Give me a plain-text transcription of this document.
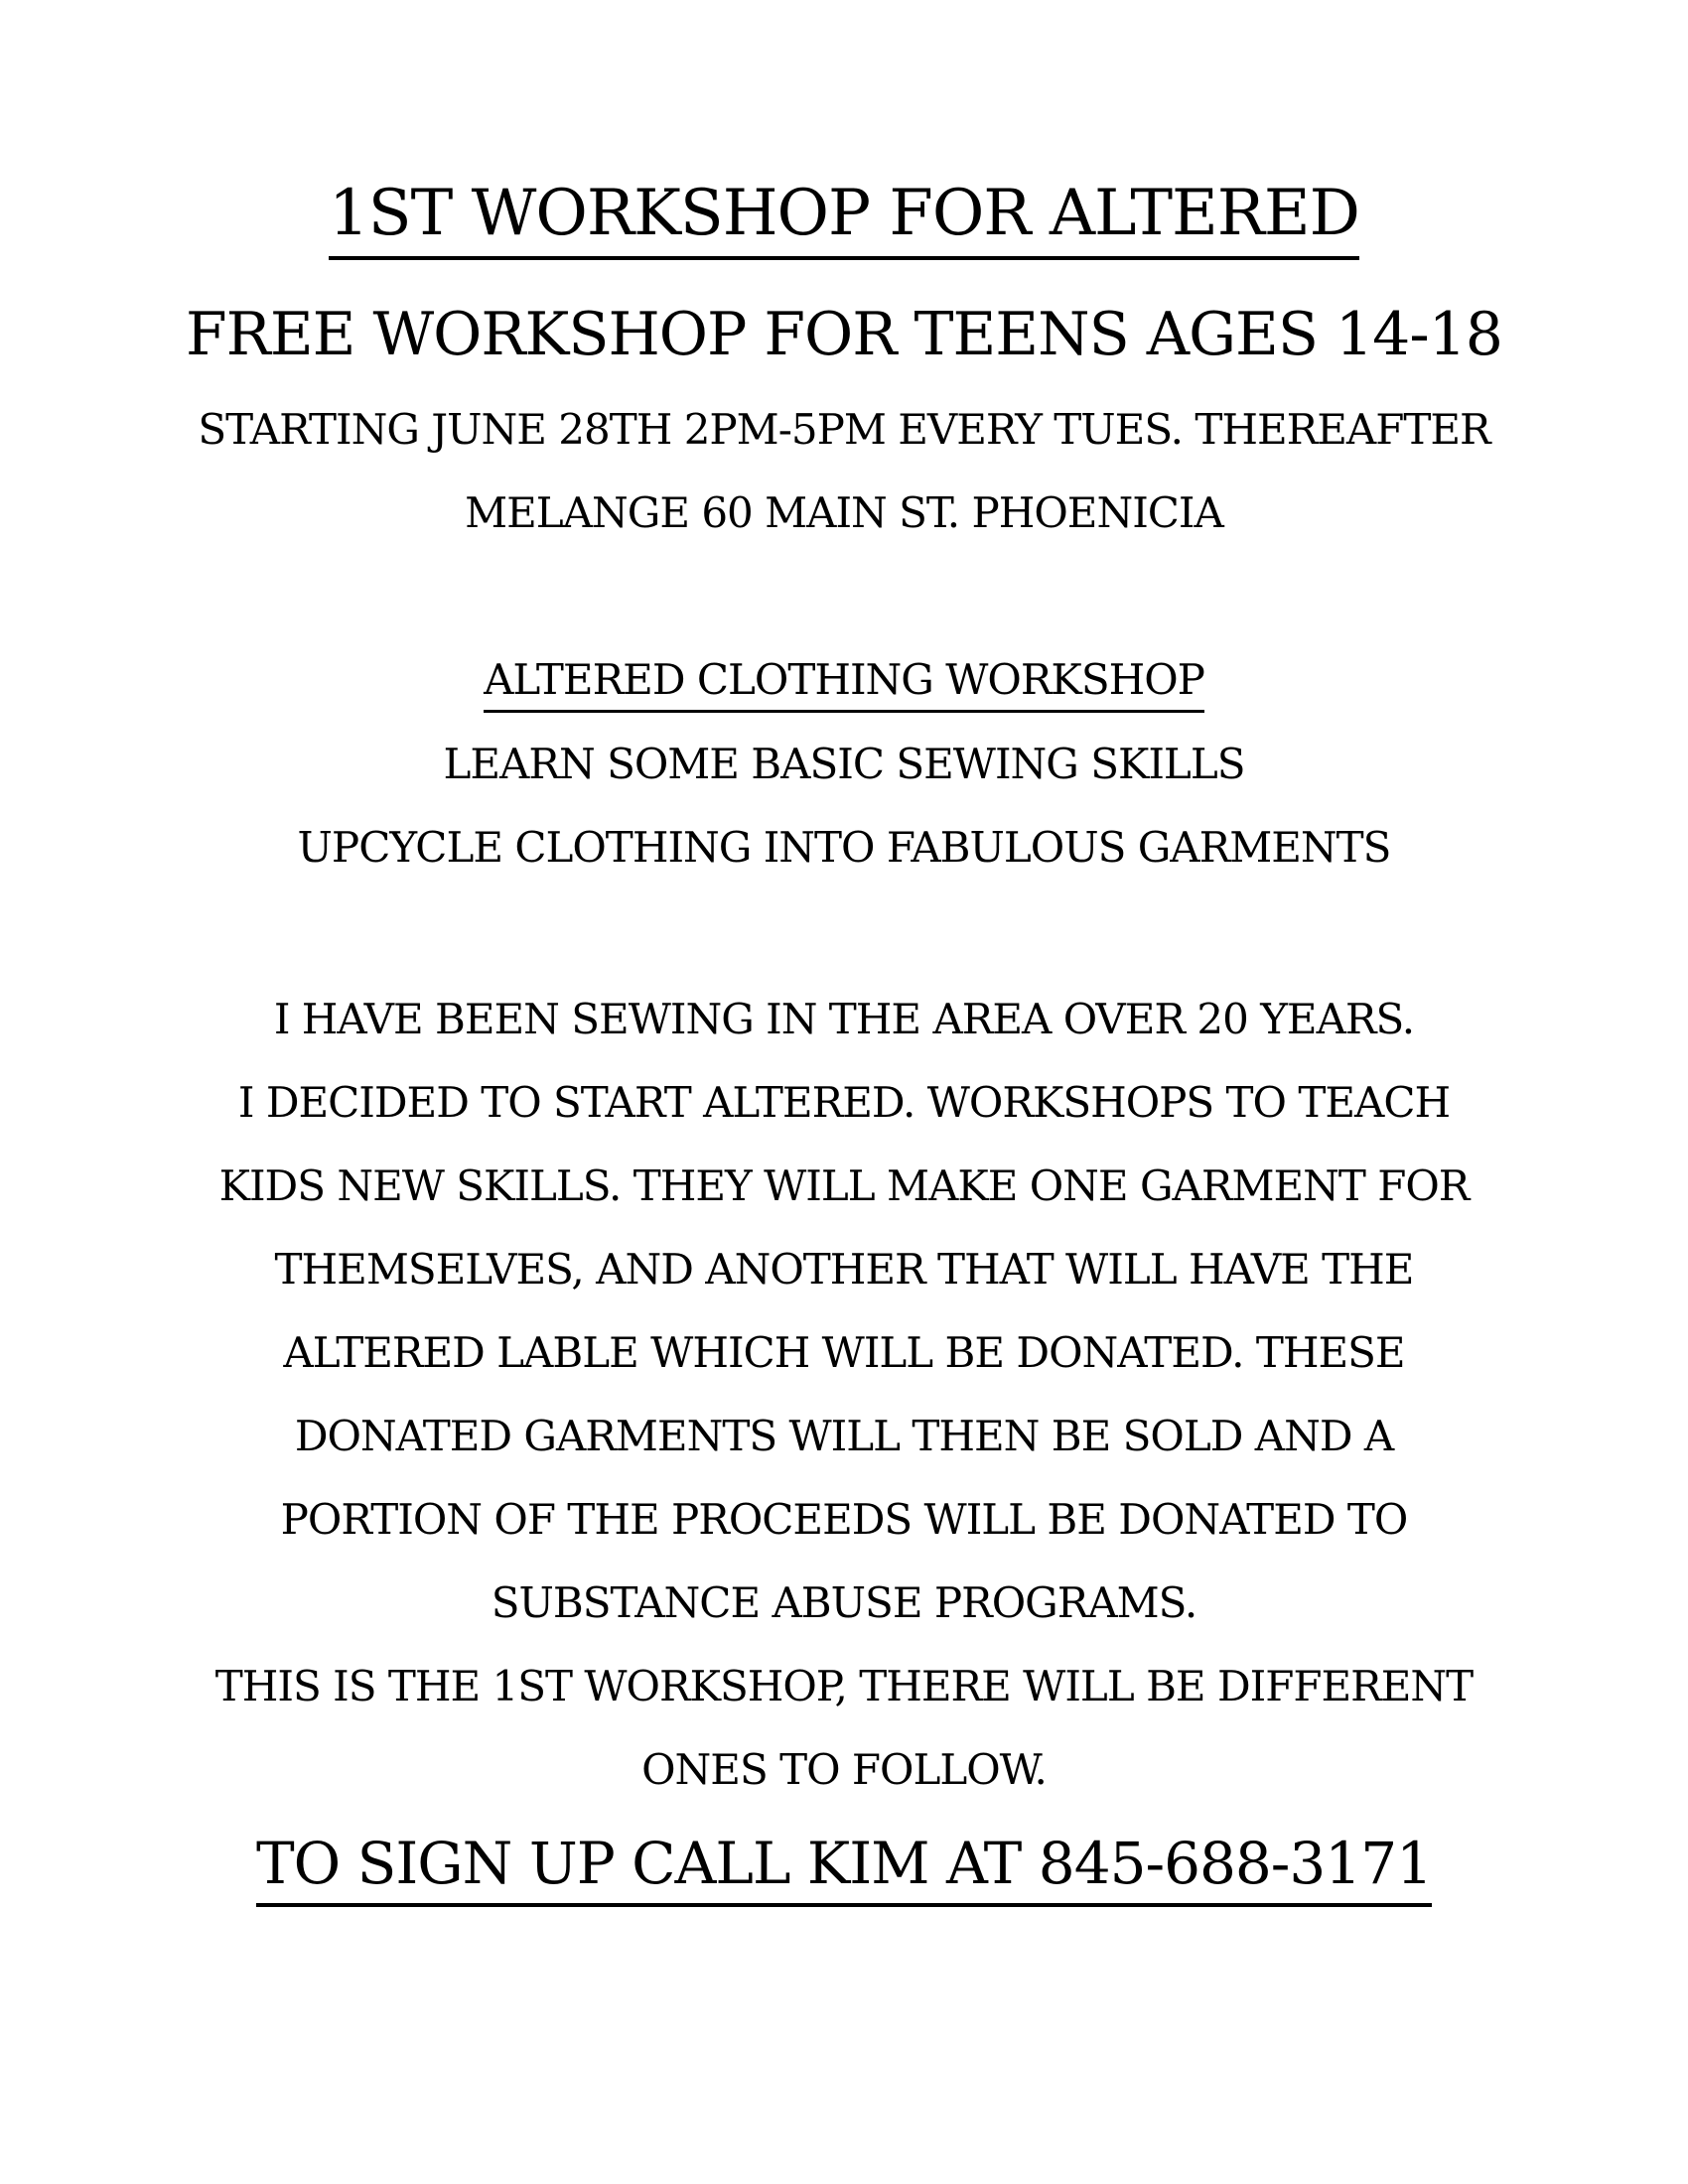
1ST WORKSHOP FOR ALTERED

FREE WORKSHOP FOR TEENS AGES 14-18

STARTING JUNE 28TH 2PM-5PM EVERY TUES. THEREAFTER

MELANGE 60 MAIN ST. PHOENICIA

ALTERED CLOTHING WORKSHOP

LEARN SOME BASIC SEWING SKILLS

UPCYCLE CLOTHING INTO FABULOUS GARMENTS

I HAVE BEEN SEWING IN THE AREA OVER 20 YEARS.

I DECIDED TO START ALTERED. WORKSHOPS TO TEACH

KIDS NEW SKILLS. THEY WILL MAKE ONE GARMENT FOR

THEMSELVES, AND ANOTHER THAT WILL HAVE THE

ALTERED LABLE WHICH WILL BE DONATED. THESE

DONATED GARMENTS WILL THEN BE SOLD AND A

PORTION OF THE PROCEEDS WILL BE DONATED TO

SUBSTANCE ABUSE PROGRAMS.

THIS IS THE 1ST WORKSHOP, THERE WILL BE DIFFERENT

ONES TO FOLLOW.

TO SIGN UP CALL KIM AT 845-688-3171
